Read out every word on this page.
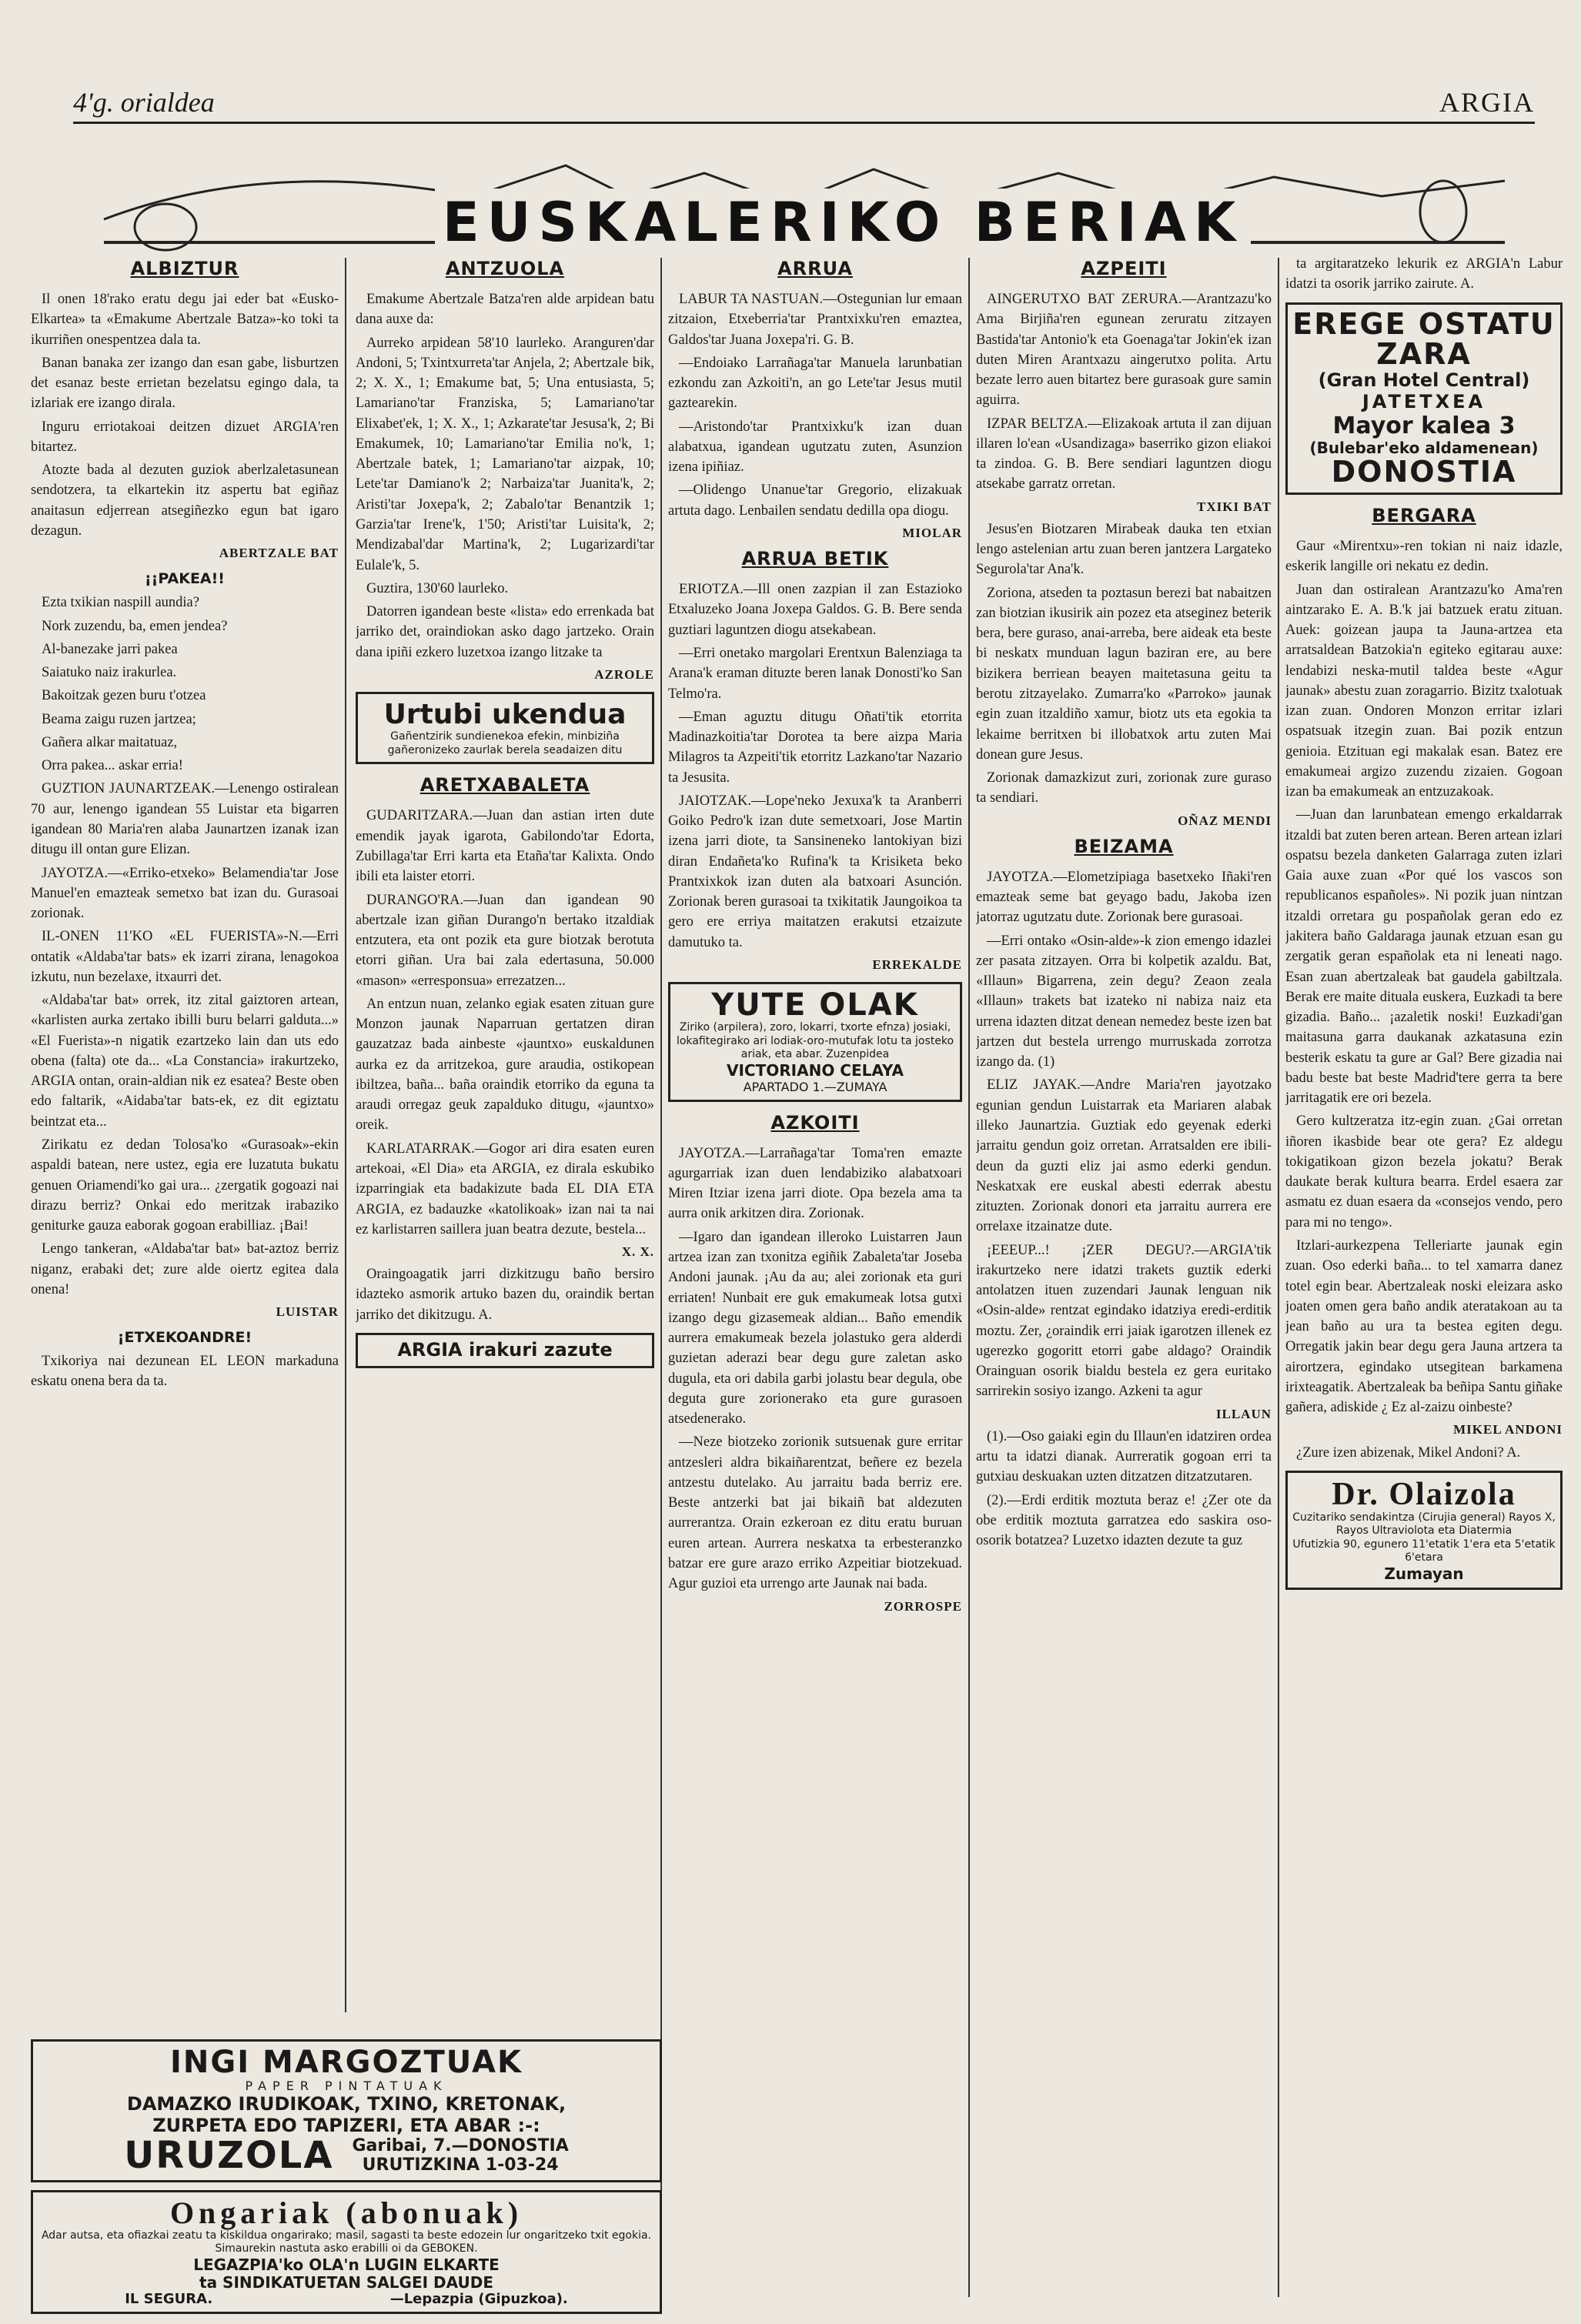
4'g. orialdea	ARGIA
EUSKALERIKO BERIAK
ALBIZTUR

Il onen 18'rako eratu degu jai eder bat «Eusko-Elkartea» ta «Emakume Abertzale Batza»-ko toki ta ikurriñen onespentzea dala ta.

Banan banaka zer izango dan esan gabe, lisburtzen det esanaz beste errietan bezelatsu egingo dala, ta izlariak ere izango dirala.

Inguru erriotakoai deitzen dizuet ARGIA'ren bitartez.

Atozte bada al dezuten guziok aberlzaletasunean sendotzera, ta elkartekin itz aspertu bat egiñaz anaitasun edjerrean atsegiñezko egun bat igaro dezagun.

ABERTZALE BAT

¡¡PAKEA!!

Ezta txikian naspill aundia?

Nork zuzendu, ba, emen jendea?

Al-banezake jarri pakea

Saiatuko naiz irakurlea.

Bakoitzak gezen buru t'otzea

Beama zaigu ruzen jartzea;

Gañera alkar maitatuaz,

Orra pakea... askar erria!

GUZTION JAUNARTZEAK.—Lenengo ostiralean 70 aur, lenengo igandean 55 Luistar eta bigarren igandean 80 Maria'ren alaba Jaunartzen izanak izan ditugu ill ontan gure Elizan.

JAYOTZA.—«Erriko-etxeko» Belamendia'tar Jose Manuel'en emazteak semetxo bat izan du. Gurasoai zorionak.

IL-ONEN 11'KO «EL FUERISTA»-N.—Erri ontatik «Aldaba'tar bats» ek izarri zirana, lenagokoa izkutu, nun bezelaxe, itxaurri det.

«Aldaba'tar bat» orrek, itz zital gaiztoren artean, «karlisten aurka zertako ibilli buru belarri galduta...» «El Fuerista»-n nigatik ezartzeko lain dan uts edo obena (falta) ote da... «La Constancia» irakurtzeko, ARGIA ontan, orain-aldian nik ez esatea? Beste oben edo faltarik, «Aidaba'tar bats-ek, ez dit egiztatu beintzat eta...

Zirikatu ez dedan Tolosa'ko «Gurasoak»-ekin aspaldi batean, nere ustez, egia ere luzatuta bukatu genuen Oriamendi'ko gai ura... ¿zergatik gogoazi nai dirazu berriz? Onkai edo meritzak irabaziko geniturke gauza eaborak gogoan erabilliaz. ¡Bai!

Lengo tankeran, «Aldaba'tar bat» bat-aztoz berriz niganz, erabaki det; zure alde oiertz egitea dala onena!

LUISTAR

¡ETXEKOANDRE!

Txikoriya nai dezunean EL LEON markaduna eskatu onena bera da ta.

ANTZUOLA

Emakume Abertzale Batza'ren alde arpidean batu dana auxe da:

Aurreko arpidean 58'10 laurleko. Aranguren'dar Andoni, 5; Txintxurreta'tar Anjela, 2; Abertzale bik, 2; X. X., 1; Emakume bat, 5; Una entusiasta, 5; Lamariano'tar Franziska, 5; Lamariano'tar Elixabet'ek, 1; X. X., 1; Azkarate'tar Jesusa'k, 2; Bi Emakumek, 10; Lamariano'tar Emilia no'k, 1; Abertzale batek, 1; Lamariano'tar aizpak, 10; Lete'tar Damiano'k 2; Narbaiza'tar Juanita'k, 2; Aristi'tar Joxepa'k, 2; Zabalo'tar Benantzik 1; Garzia'tar Irene'k, 1'50; Aristi'tar Luisita'k, 2; Mendizabal'dar Martina'k, 2; Lugarizardi'tar Eulale'k, 5.

Guztira, 130'60 laurleko.

Datorren igandean beste «lista» edo errenkada bat jarriko det, oraindiokan asko dago jartzeko. Orain dana ipiñi ezkero luzetxoa izango litzake ta

AZROLE

Urtubi ukendua
Gañentzirik sundienekoa efekin, minbiziña gañeronizeko zaurlak berela seadaizen ditu
ARETXABALETA

GUDARITZARA.—Juan dan astian irten dute emendik jayak igarota, Gabilondo'tar Edorta, Zubillaga'tar Erri karta eta Etaña'tar Kalixta. Ondo ibili eta laister etorri.

DURANGO'RA.—Juan dan igandean 90 abertzale izan giñan Durango'n bertako itzaldiak entzutera, eta ont pozik eta gure biotzak berotuta etorri giñan. Ura bai zala edertasuna, 50.000 «mason» «erresponsua» errezatzen...

An entzun nuan, zelanko egiak esaten zituan gure Monzon jaunak Naparruan gertatzen diran gauzatzaz bada ainbeste «jauntxo» euskaldunen aurka ez da arritzekoa, gure araudia, ostikopean ibiltzea, baña... baña oraindik etorriko da eguna ta araudi orregaz geuk zapalduko ditugu, «jauntxo» oreik.

KARLATARRAK.—Gogor ari dira esaten euren artekoai, «El Dia» eta ARGIA, ez dirala eskubiko izparringiak eta badakizute bada EL DIA ETA ARGIA, ez badauzke «katolikoak» izan nai ta nai ez karlistarren saillera juan beatra dezute, bestela...

X. X.

Oraingoagatik jarri dizkitzugu baño bersiro idazteko asmorik artuko bazen du, oraindik bertan jarriko det dikitzugu. A.

ARGIA irakuri zazute
INGI MARGOZTUAK
PAPER PINTATUAK
DAMAZKO IRUDIKOAK, TXINO, KRETONAK,
ZURPETA EDO TAPIZERI, ETA ABAR :-:
URUZOLA Garibai, 7.—DONOSTIA
URUTIZKINA 1-03-24
Ongariak (abonuak)
Adar autsa, eta ofiazkai zeatu ta kiskildua ongarirako; masil, sagasti ta beste edozein lur ongaritzeko txit egokia. Simaurekin nastuta asko erabilli oi da GEBOKEN.
LEGAZPIA'ko OLA'n LUGIN ELKARTE
ta SINDIKATUETAN SALGEI DAUDE
IL SEGURA.	—Lepazpia (Gipuzkoa).
ARRUA

LABUR TA NASTUAN.—Ostegunian lur emaan zitzaion, Etxeberria'tar Prantxixku'ren emaztea, Galdos'tar Juana Joxepa'ri. G. B.

—Endoiako Larrañaga'tar Manuela larunbatian ezkondu zan Azkoiti'n, an go Lete'tar Jesus mutil gaztearekin.

—Aristondo'tar Prantxixku'k izan duan alabatxua, igandean ugutzatu zuten, Asunzion izena ipiñiaz.

—Olidengo Unanue'tar Gregorio, elizakuak artuta dago. Lenbailen sendatu dedilla opa diogu.

MIOLAR

ARRUA BETIK

ERIOTZA.—Ill onen zazpian il zan Estazioko Etxaluzeko Joana Joxepa Galdos. G. B. Bere senda guztiari laguntzen diogu atsekabean.

—Erri onetako margolari Erentxun Balenziaga ta Arana'k eraman dituzte beren lanak Donosti'ko San Telmo'ra.

—Eman aguztu ditugu Oñati'tik etorrita Madinazkoitia'tar Dorotea ta bere aizpa Maria Milagros ta Azpeiti'tik etorritz Lazkano'tar Nazario ta Jesusita.

JAIOTZAK.—Lope'neko Jexuxa'k ta Aranberri Goiko Pedro'k izan dute semetxoari, Jose Martin izena jarri diote, ta Sansineneko lantokiyan bizi diran Endañeta'ko Rufina'k ta Krisiketa beko Prantxixkok izan duten ala batxoari Asunción. Zorionak beren gurasoai ta txikitatik Jaungoikoa ta gero ere erriya maitatzen erakutsi etzaizute damutuko ta.

ERREKALDE

YUTE OLAK
Ziriko (arpilera), zoro, lokarri, txorte efnza) josiaki, lokafitegirako ari lodiak-oro-mutufak lotu ta josteko ariak, eta abar. Zuzenpidea
VICTORIANO CELAYA
APARTADO 1.—ZUMAYA
AZKOITI

JAYOTZA.—Larrañaga'tar Toma'ren emazte agurgarriak izan duen lendabiziko alabatxoari Miren Itziar izena jarri diote. Opa bezela ama ta aurra onik arkitzen dira. Zorionak.

—Igaro dan igandean illeroko Luistarren Jaun artzea izan zan txonitza egiñik Zabaleta'tar Joseba Andoni jaunak. ¡Au da au; alei zorionak eta guri erriaten! Nunbait ere guk emakumeak lotsa gutxi izango degu gizasemeak aldian... Baño emendik aurrera emakumeak bezela jolastuko gera alderdi guzietan aderazi bear degu gure zaletan asko dugula, eta ori dabila garbi jolastu bear degula, obe deguta gure zorionerako eta gure gurasoen atsedenerako.

—Neze biotzeko zorionik sutsuenak gure erritar antzesleri aldra bikaiñarentzat, beñere ez bezela antzestu dutelako. Au jarraitu bada berriz ere. Beste antzerki bat jai bikaiñ bat aldezuten aurrerantza. Orain ezkeroan ez ditu eratu buruan euren artean. Aurrera neskatxa ta erbesteranzko batzar ere gure arazo erriko Azpeitiar biotzekuad. Agur guzioi eta urrengo arte Jaunak nai bada.

ZORROSPE

AZPEITI

AINGERUTXO BAT ZERURA.—Arantzazu'ko Ama Birjiña'ren egunean zeruratu zitzayen Bastida'tar Antonio'k eta Goenaga'tar Jokin'ek izan duten Miren Arantxazu aingerutxo polita. Artu bezate lerro auen bitartez bere gurasoak gure samin aguirra.

IZPAR BELTZA.—Elizakoak artuta il zan dijuan illaren lo'ean «Usandizaga» baserriko gizon eliakoi ta zindoa. G. B. Bere sendiari laguntzen diogu atsekabe garratz orretan.

TXIKI BAT

Jesus'en Biotzaren Mirabeak dauka ten etxian lengo astelenian artu zuan beren jantzera Largateko Segurola'tar Ana'k.

Zoriona, atseden ta poztasun berezi bat nabaitzen zan biotzian ikusirik ain pozez eta atseginez beterik bera, bere guraso, anai-arreba, bere aideak eta beste bi neskatx munduan lagun baziran ere, au bere bizikera berriean beayen maitetasuna geitu ta berotu zitzayelako. Zumarra'ko «Parroko» jaunak egin zuan itzaldiño xamur, biotz uts eta egokia ta lekaime berritxen bi illobatxok artu zuten Mai donean gure Jesus.

Zorionak damazkizut zuri, zorionak zure guraso ta sendiari.

OÑAZ MENDI

BEIZAMA

JAYOTZA.—Elometzipiaga basetxeko Iñaki'ren emazteak seme bat geyago badu, Jakoba izen jatorraz ugutzatu dute. Zorionak bere gurasoai.

—Erri ontako «Osin-alde»-k zion emengo idazlei zer pasata zitzayen. Orra bi kolpetik azaldu. Bat, «Illaun» Bigarrena, zein degu? Zeaon zeala «Illaun» trakets bat izateko ni nabiza naiz eta urrena idazten ditzat denean nemedez beste izen bat jartzen dut bestela urrengo murruskada zorrotza izango da. (1)

ELIZ JAYAK.—Andre Maria'ren jayotzako egunian gendun Luistarrak eta Mariaren alabak illeko Jaunartzia. Guztiak edo geyenak ederki jarraitu gendun goiz orretan. Arratsalden ere ibili-deun da guzti eliz jai asmo ederki gendun. Neskatxak ere euskal abesti ederrak abestu zituzten. Zorionak donori eta jarraitu aurrera ere orrelaxe itzainatze dute.

¡EEEUP...! ¡ZER DEGU?.—ARGIA'tik irakurtzeko nere idatzi trakets guztik ederki antolatzen ituen zuzendari Jaunak lenguan nik «Osin-alde» rentzat egindako idatziya eredi-erditik moztu. Zer, ¿oraindik erri jaiak igarotzen illenek ez ugerezko gogoritt etorri gabe aldago? Oraindik Orainguan osorik bialdu bestela ez gera euritako sarrirekin sosiyo izango. Azkeni ta agur

ILLAUN

(1).—Oso gaiaki egin du Illaun'en idatziren ordea artu ta idatzi dianak. Aurreratik gogoan erri ta gutxiau deskuakan uzten ditzatzen ditzatzutaren.

(2).—Erdi erditik moztuta beraz e! ¿Zer ote da obe erditik moztuta garratzea edo saskira oso-osorik botatzea? Luzetxo idazten dezute ta guz

ta argitaratzeko lekurik ez ARGIA'n Labur idatzi ta osorik jarriko zairute. A.

EREGE OSTATU ZARA
(Gran Hotel Central)
JATETXEA
Mayor kalea 3
(Bulebar'eko aldamenean)
DONOSTIA
BERGARA

Gaur «Mirentxu»-ren tokian ni naiz idazle, eskerik langille ori nekatu ez dedin.

Juan dan ostiralean Arantzazu'ko Ama'ren aintzarako E. A. B.'k jai batzuek eratu zituan. Auek: goizean jaupa ta Jauna-artzea eta arratsaldean Batzokia'n egiteko egitarau auxe: lendabizi neska-mutil taldea beste «Agur jaunak» abestu zuan zoragarrio. Bizitz txalotuak izan zuan. Ondoren Monzon erritar izlari ospatsuak itzegin zuan. Bai pozik entzun genioia. Etzituan egi makalak esan. Batez ere emakumeai argizo zuzendu zizaien. Gogoan izan ba emakumeak an entzuzakoak.

—Juan dan larunbatean emengo erkaldarrak itzaldi bat zuten beren artean. Beren artean izlari ospatsu bezela danketen Galarraga zuten izlari Gaia auxe zuan «Por qué los vascos son republicanos españoles». Ni pozik juan nintzan itzaldi orretara gu pospañolak geran edo ez jakitera baño Galdaraga jaunak etzuan esan gu zergatik geran españolak eta ni leneati nago. Esan zuan abertzaleak bat gaudela gabiltzala. Berak ere maite dituala euskera, Euzkadi ta bere gizadia. Baño... ¡azaletik noski! Euzkadi'gan maitasuna garra daukanak azkatasuna ezin besterik eskatu ta gure ar Gal? Bere gizadia nai badu beste bat beste Madrid'tere gerra ta bere jarritagatik ere ori bezela.

Gero kultzeratza itz-egin zuan. ¿Gai orretan iñoren ikasbide bear ote gera? Ez aldegu tokigatikoan gizon bezela jokatu? Berak daukate berak kultura bearra. Erdel esaera zar asmatu ez duan esaera da «consejos vendo, pero para mi no tengo».

Itzlari-aurkezpena Telleriarte jaunak egin zuan. Oso ederki baña... to tel xamarra danez totel egin bear. Abertzaleak noski eleizara asko joaten omen gera baño andik ateratakoan au ta jean baño au ura ta bestea egiten degu. Orregatik jakin bear degu gera Jauna artzera ta airortzera, egindako utsegitean barkamena irixteagatik. Abertzaleak ba beñipa Santu giñake gañera, adiskide ¿ Ez al-zaizu oinbeste?

MIKEL ANDONI

¿Zure izen abizenak, Mikel Andoni? A.

Dr. Olaizola
Cuzitariko sendakintza (Cirujia general) Rayos X, Rayos Ultraviolota eta Diatermia
Ufutizkia 90, egunero 11'etatik 1'era eta 5'etatik 6'etara
Zumayan
